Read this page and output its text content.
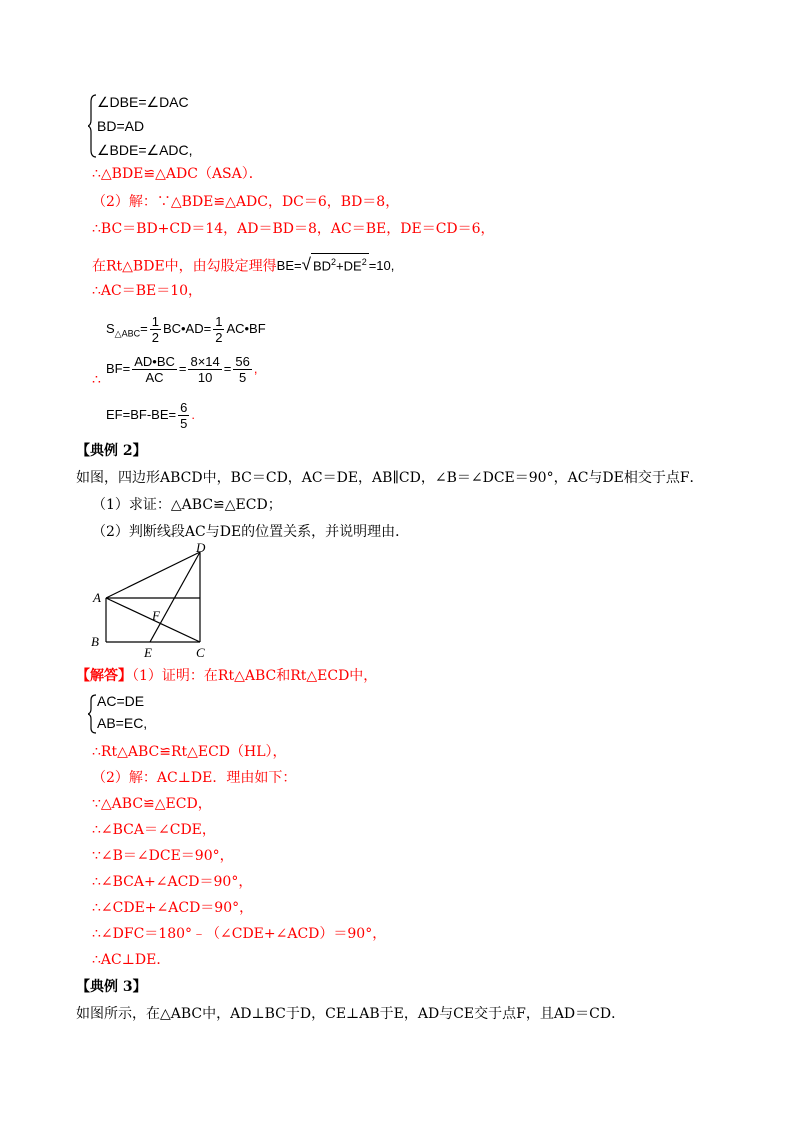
∠DBE=∠DAC
BD=AD
∠BDE=∠ADC,
∴△BDE≌△ADC（ASA）．
（2）解：∵△BDE≌△ADC，DC＝6，BD＝8，
∴BC＝BD+CD＝14，AD＝BD＝8，AC＝BE，DE＝CD＝6，
在Rt△BDE中，由勾股定理得BE=√ $BD^2+DE^2 =10$,
∴AC＝BE＝10，
$S_{\triangle ABC}= \frac{1}{2}$ BC•AD= $\frac{1}{2}$ AC•BF
∴
$BF= \frac{AD•BC}{AC} = \frac{8\times 14}{10} = \frac{56}{5}$ ,
$EF=BF-BE= \frac{6}{5}$ .
【典例 2】
如图，四边形ABCD中，BC＝CD，AC＝DE，AB∥CD，∠B＝∠DCE＝90°，AC与DE相交于点F．
（1）求证：△ABC≌△ECD；
（2）判断线段AC与DE的位置关系，并说明理由．
D
A
B
E	C
F
【解答】（1）证明：在Rt△ABC和Rt△ECD中，
AC=DE
AB=EC,
∴Rt△ABC≌Rt△ECD（HL），
（2）解：AC⊥DE．理由如下：
∵△ABC≌△ECD，
∴∠BCA＝∠CDE，
∵∠B＝∠DCE＝90°，
∴∠BCA+∠ACD＝90°，
∴∠CDE+∠ACD＝90°，
∴∠DFC＝180°﹣（∠CDE+∠ACD）＝90°，
∴AC⊥DE．
【典例 3】
如图所示，在△ABC中，AD⊥BC于D，CE⊥AB于E，AD与CE交于点F，且AD＝CD．
